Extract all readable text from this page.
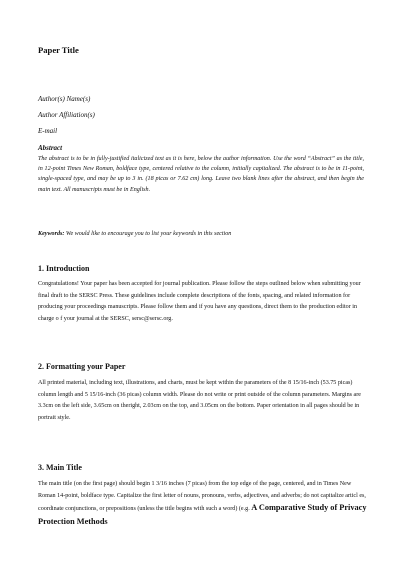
Paper Title
Author(s) Name(s)
Author Affiliation(s)
E-mail
Abstract
The abstract is to be in fully-justified italicized text as it is here, below the author information. Use the word “Abstract” as the title, in 12-point Times New Roman, boldface type, centered relative to the column, initially capitalized. The abstract is to be in 11-point, single-spaced type, and may be up to 3 in. (18 picas or 7.62 cm) long. Leave two blank lines after the abstract, and then begin the main text. All manuscripts must be in English.
Keywords: We would like to encourage you to list your keywords in this section
1. Introduction
Congratulations! Your paper has been accepted for journal publication. Please follow the steps outlined below when submitting your final draft to the SERSC Press. These guidelines include complete descriptions of the fonts, spacing, and related information for producing your proceedings manuscripts. Please follow them and if you have any questions, direct them to the production editor in charge o f your journal at the SERSC, sersc@sersc.org.
2. Formatting your Paper
All printed material, including text, illustrations, and charts, must be kept within the parameters of the 8 15/16-inch (53.75 picas) column length and 5 15/16-inch (36 picas) column width. Please do not write or print outside of the column parameters. Margins are 3.3cm on the left side, 3.65cm on theright, 2.03cm on the top, and 3.05cm on the bottom. Paper orientation in all pages should be in portrait style.
3. Main Title
The main title (on the first page) should begin 1 3/16 inches (7 picas) from the top edge of the page, centered, and in Times New Roman 14-point, boldface type. Capitalize the first letter of nouns, pronouns, verbs, adjectives, and adverbs; do not capitalize articl es, coordinate conjunctions, or prepositions (unless the title begins with such a word) (e.g. A Comparative Study of Privacy Protection Methods
